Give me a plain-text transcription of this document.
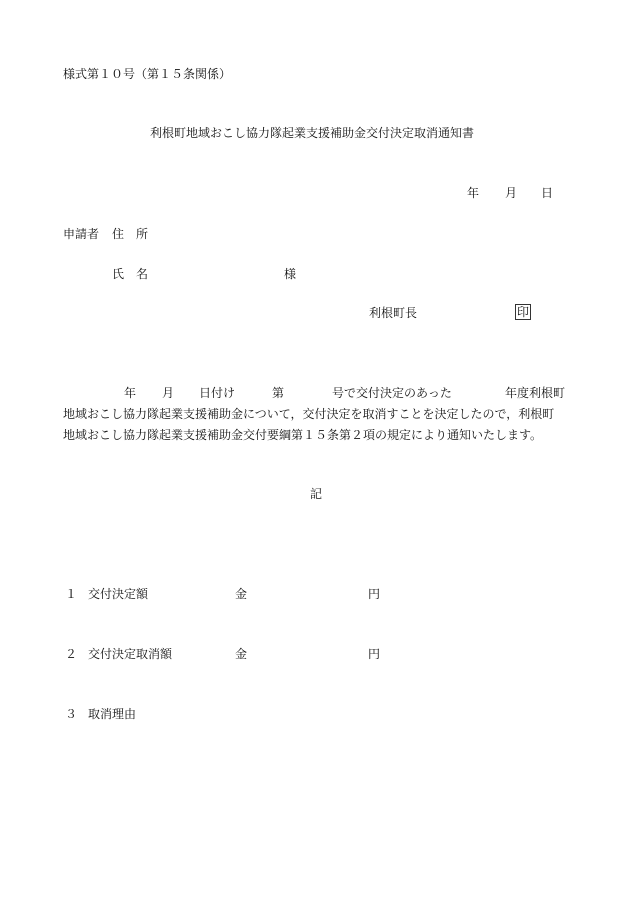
様式第１０号（第１５条関係）
利根町地域おこし協力隊起業支援補助金交付決定取消通知書
年 月 日
申請者 住　所
氏　名	様
利根町長	印
年 月 日付け	第	号で交付決定のあった	年度利根町
地域おこし協力隊起業支援補助金について，交付決定を取消すことを決定したので，利根町
地域おこし協力隊起業支援補助金交付要綱第１５条第２項の規定により通知いたします。
記
１ 交付決定額	金	円
２ 交付決定取消額	金	円
３ 取消理由
